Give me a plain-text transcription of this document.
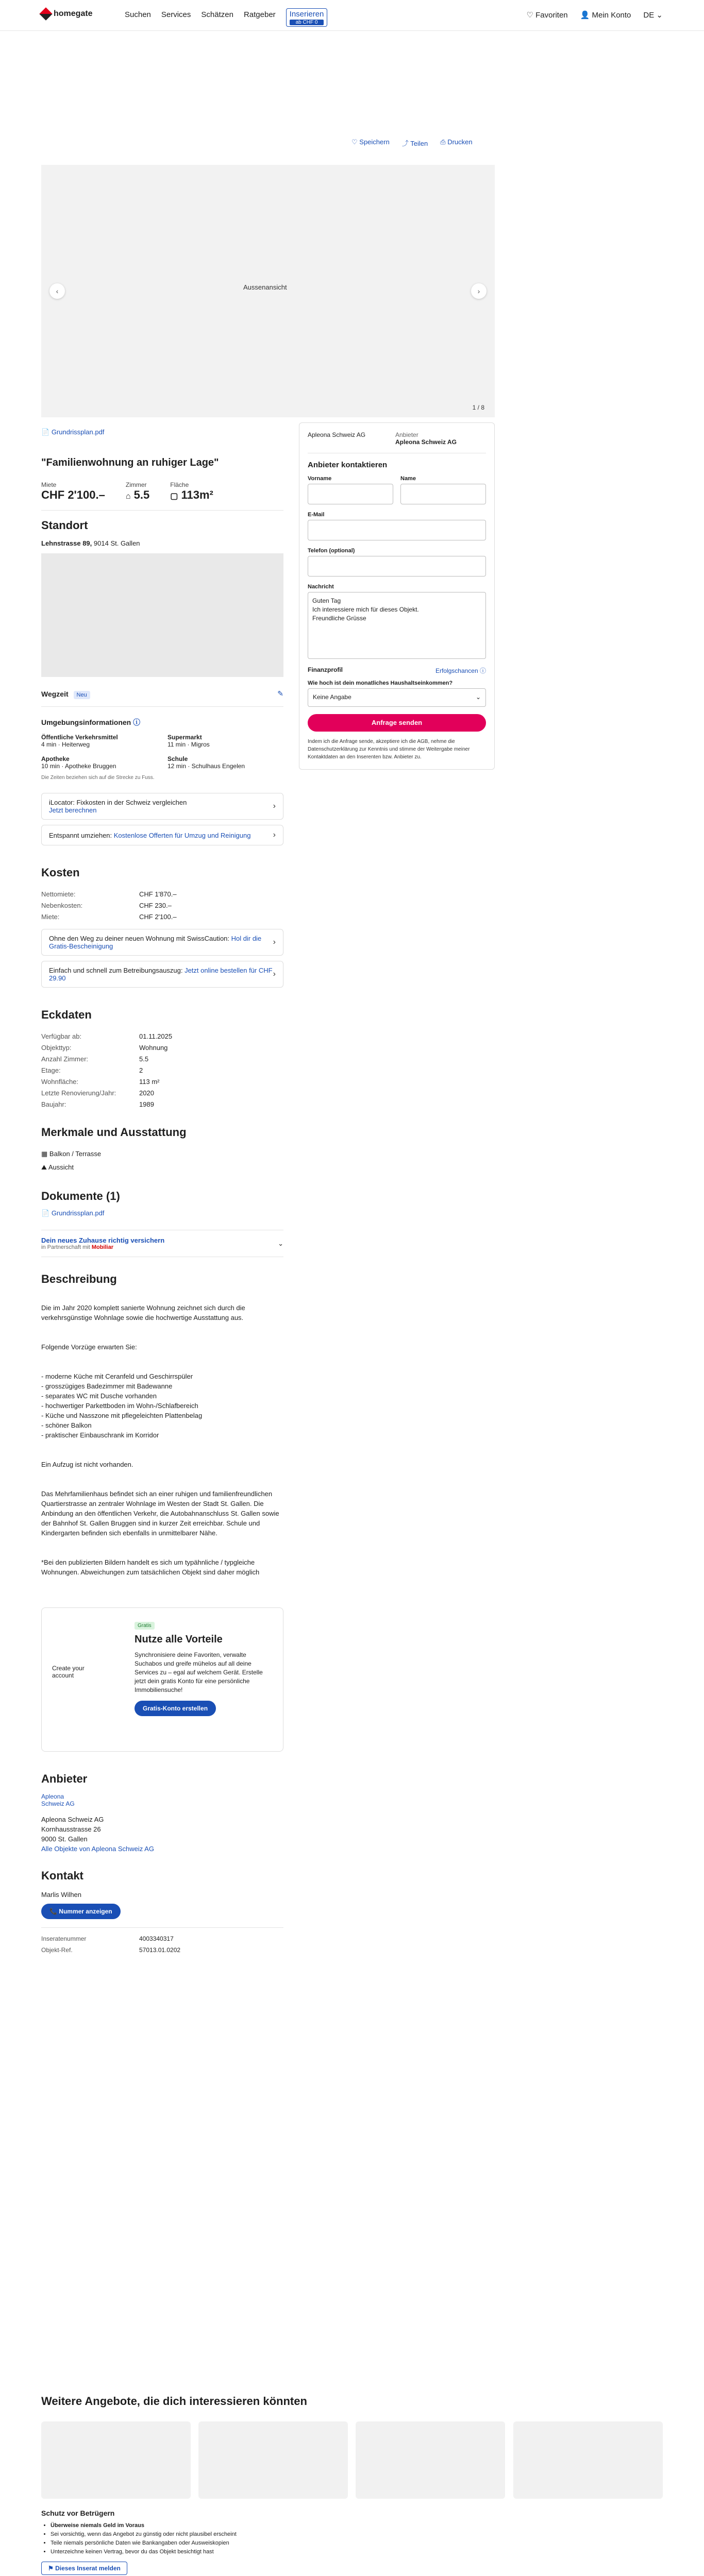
homegate	Suchen Services Schätzen Ratgeber	Inserieren
ab CHF 0
♡ Favoriten 👤 Mein Konto DE ⌄
♡ Speichern ⤴ Teilen ⎙ Drucken
Aussenansicht
‹	›
1 / 8
📄 Grundrissplan.pdf
"Familienwohnung an ruhiger Lage"
Miete
CHF 2'100.–
Zimmer
⌂ 5.5
Fläche
▢ 113m²
Standort
Lehnstrasse 89, 9014 St. Gallen
Wegzeit Neu	✎
Umgebungsinformationen ⓘ
Öffentliche Verkehrsmittel
4 min · Heiterweg
Supermarkt
11 min · Migros
Apotheke
10 min · Apotheke Bruggen
Schule
12 min · Schulhaus Engelen
Die Zeiten beziehen sich auf die Strecke zu Fuss.
iLocator: Fixkosten in der Schweiz vergleichen
Jetzt berechnen	›
Entspannt umziehen: Kostenlose Offerten für Umzug und Reinigung	›
Kosten
Nettomiete:	CHF 1'870.–
Nebenkosten:	CHF 230.–
Miete:	CHF 2'100.–
Ohne den Weg zu deiner neuen Wohnung mit SwissCaution: Hol dir die Gratis-Bescheinigung	›
Einfach und schnell zum Betreibungsauszug: Jetzt online bestellen für CHF 29.90	›
Eckdaten
Verfügbar ab:	01.11.2025
Objekttyp:	Wohnung
Anzahl Zimmer:	5.5
Etage:	2
Wohnfläche:	113 m²
Letzte Renovierung/Jahr:	2020
Baujahr:	1989
Merkmale und Ausstattung
▦ Balkon / Terrasse
⛰ Aussicht
Dokumente (1)
📄 Grundrissplan.pdf
Dein neues Zuhause richtig versichern
in Partnerschaft mit Mobiliar
⌄
Beschreibung

Die im Jahr 2020 komplett sanierte Wohnung zeichnet sich durch die verkehrsgünstige Wohnlage sowie die hochwertige Ausstattung aus.

Folgende Vorzüge erwarten Sie:

- moderne Küche mit Ceranfeld und Geschirrspüler
- grosszügiges Badezimmer mit Badewanne
- separates WC mit Dusche vorhanden
- hochwertiger Parkettboden im Wohn-/Schlafbereich
- Küche und Nasszone mit pflegeleichten Plattenbelag
- schöner Balkon
- praktischer Einbauschrank im Korridor

Ein Aufzug ist nicht vorhanden.

Das Mehrfamilienhaus befindet sich an einer ruhigen und familienfreundlichen Quartierstrasse an zentraler Wohnlage im Westen der Stadt St. Gallen. Die Anbindung an den öffentlichen Verkehr, die Autobahnanschluss St. Gallen sowie der Bahnhof St. Gallen Bruggen sind in kurzer Zeit erreichbar. Schule und Kindergarten befinden sich ebenfalls in unmittelbarer Nähe.

*Bei den publizierten Bildern handelt es sich um typähnliche / typgleiche Wohnungen. Abweichungen zum tatsächlichen Objekt sind daher möglich

Create your account
Gratis
Nutze alle Vorteile

Synchronisiere deine Favoriten, verwalte Suchabos und greife mühelos auf all deine Services zu – egal auf welchem Gerät. Erstelle jetzt dein gratis Konto für eine persönliche Immobiliensuche!

Gratis-Konto erstellen
Anbieter
Apleona Schweiz AG
Apleona Schweiz AG
Kornhausstrasse 26
9000 St. Gallen
Alle Objekte von Apleona Schweiz AG
Kontakt
Marlis Wilhen
📞 Nummer anzeigen
Inseratenummer	4003340317
Objekt-Ref.	57013.01.0202
Apleona Schweiz AG	Anbieter
Apleona Schweiz AG
Anbieter kontaktieren
Vorname	Name
E-Mail
Telefon (optional)
Nachricht
Guten Tag
Ich interessiere mich für dieses Objekt.
Freundliche Grüsse
Finanzprofil	Erfolgschancen ⓘ
Wie hoch ist dein monatliches Haushaltseinkommen?
Keine Angabe	⌄
Anfrage senden

Indem ich die Anfrage sende, akzeptiere ich die AGB, nehme die Datenschutzerklärung zur Kenntnis und stimme der Weitergabe meiner Kontaktdaten an den Inserenten bzw. Anbieter zu.

Weitere Angebote, die dich interessieren könnten
Schutz vor Betrügern
• Überweise niemals Geld im Voraus
• Sei vorsichtig, wenn das Angebot zu günstig oder nicht plausibel erscheint
• Teile niemals persönliche Daten wie Bankangaben oder Ausweiskopien
• Unterzeichne keinen Vertrag, bevor du das Objekt besichtigt hast
⚑ Dieses Inserat melden
